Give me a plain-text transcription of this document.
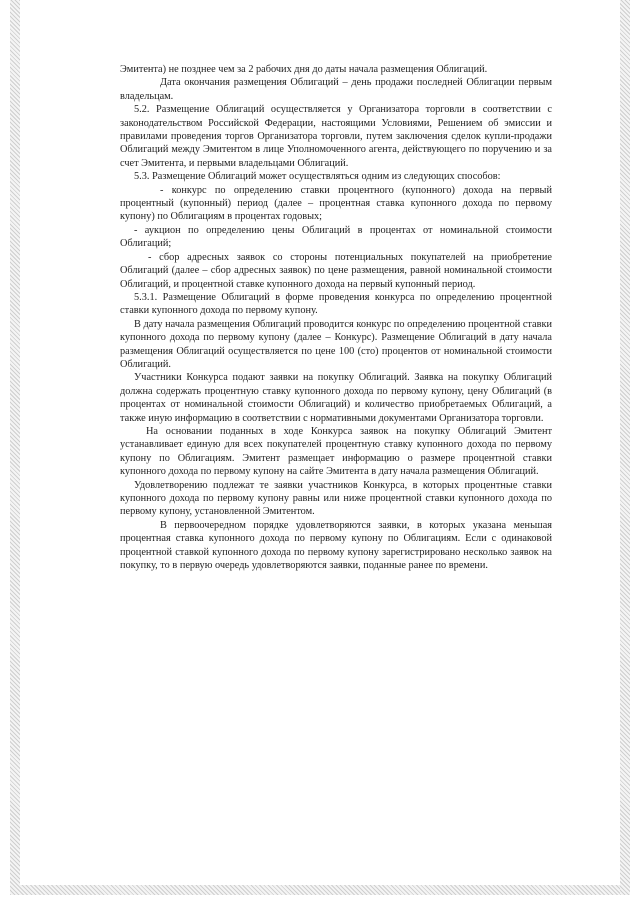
Эмитента) не позднее чем за 2 рабочих дня до даты начала размещения Облигаций.

Дата окончания размещения Облигаций – день продажи последней Облигации первым владельцам.

5.2. Размещение Облигаций осуществляется у Организатора торговли в соответствии с законодательством Российской Федерации, настоящими Условиями, Решением об эмиссии и правилами проведения торгов Организатора торговли, путем заключения сделок купли-продажи Облигаций между Эмитентом в лице Уполномоченного агента, действующего по поручению и за счет Эмитента, и первыми владельцами Облигаций.

5.3. Размещение Облигаций может осуществляться одним из следующих способов:

- конкурс по определению ставки процентного (купонного) дохода на первый процентный (купонный) период (далее – процентная ставка купонного дохода по первому купону) по Облигациям в процентах годовых;

- аукцион по определению цены Облигаций в процентах от номинальной стоимости Облигаций;

- сбор адресных заявок со стороны потенциальных покупателей на приобретение Облигаций (далее – сбор адресных заявок) по цене размещения, равной номинальной стоимости Облигаций, и процентной ставке купонного дохода на первый купонный период.

5.3.1. Размещение Облигаций в форме проведения конкурса по определению процентной ставки купонного дохода по первому купону.

В дату начала размещения Облигаций проводится конкурс по определению процентной ставки купонного дохода по первому купону (далее – Конкурс). Размещение Облигаций в дату начала размещения Облигаций осуществляется по цене 100 (сто) процентов от номинальной стоимости Облигаций.

Участники Конкурса подают заявки на покупку Облигаций. Заявка на покупку Облигаций должна содержать процентную ставку купонного дохода по первому купону, цену Облигаций (в процентах от номинальной стоимости Облигаций) и количество приобретаемых Облигаций, а также иную информацию в соответствии с нормативными документами Организатора торговли.

На основании поданных в ходе Конкурса заявок на покупку Облигаций Эмитент устанавливает единую для всех покупателей процентную ставку купонного дохода по первому купону по Облигациям. Эмитент размещает информацию о размере процентной ставки купонного дохода по первому купону на сайте Эмитента в дату начала размещения Облигаций.

Удовлетворению подлежат те заявки участников Конкурса, в которых процентные ставки купонного дохода по первому купону равны или ниже процентной ставки купонного дохода по первому купону, установленной Эмитентом.

В первоочередном порядке удовлетворяются заявки, в которых указана меньшая процентная ставка купонного дохода по первому купону по Облигациям. Если с одинаковой процентной ставкой купонного дохода по первому купону зарегистрировано несколько заявок на покупку, то в первую очередь удовлетворяются заявки, поданные ранее по времени.
